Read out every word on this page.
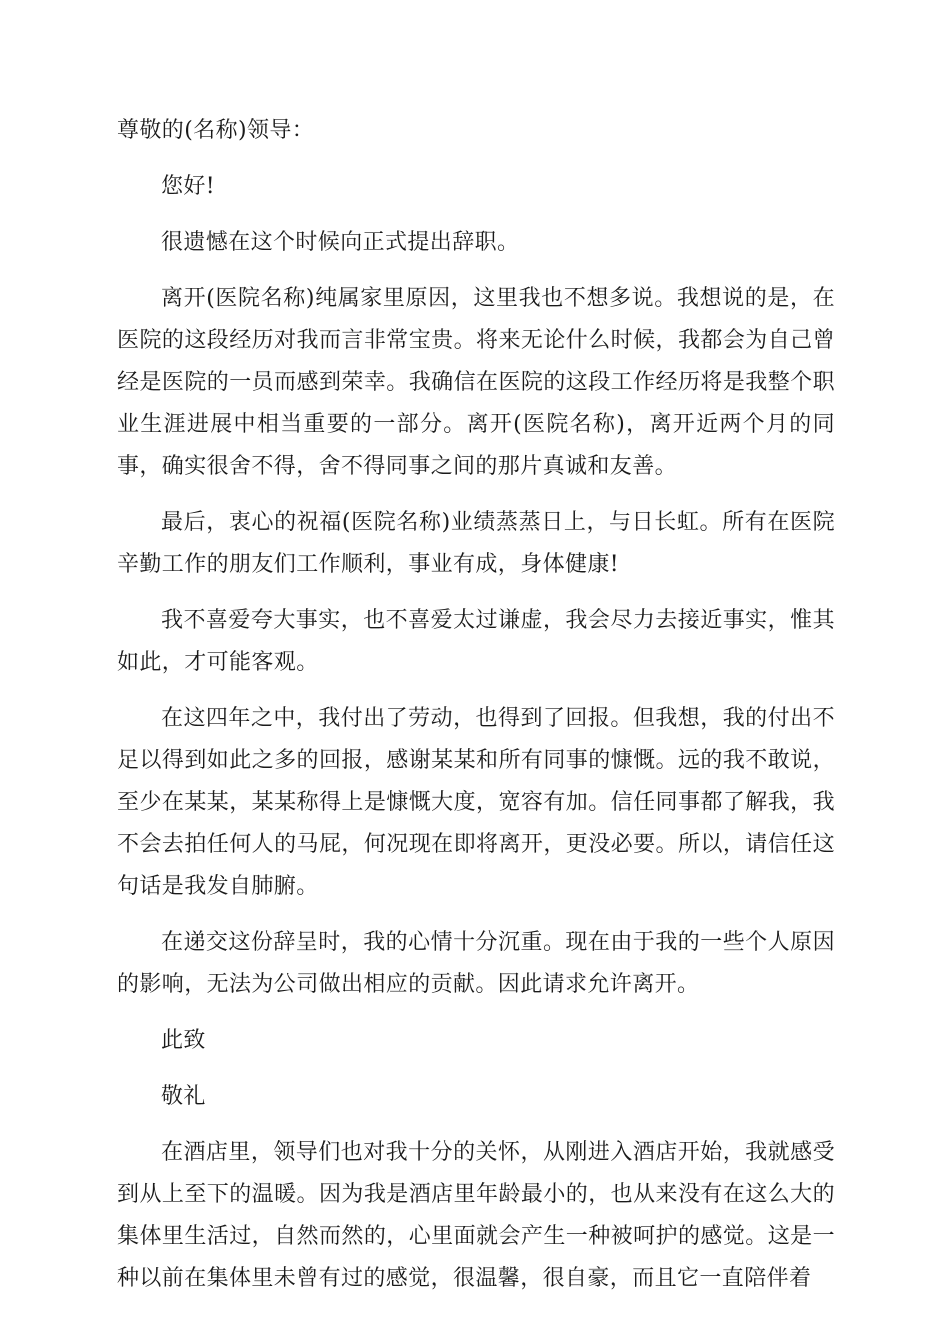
尊敬的(名称)领导：

您好!

很遗憾在这个时候向正式提出辞职。

离开(医院名称)纯属家里原因，这里我也不想多说。我想说的是，在医院的这段经历对我而言非常宝贵。将来无论什么时候，我都会为自己曾经是医院的一员而感到荣幸。我确信在医院的这段工作经历将是我整个职业生涯进展中相当重要的一部分。离开(医院名称)，离开近两个月的同事，确实很舍不得，舍不得同事之间的那片真诚和友善。

最后，衷心的祝福(医院名称)业绩蒸蒸日上，与日长虹。所有在医院辛勤工作的朋友们工作顺利，事业有成，身体健康!

我不喜爱夸大事实，也不喜爱太过谦虚，我会尽力去接近事实，惟其如此，才可能客观。

在这四年之中，我付出了劳动，也得到了回报。但我想，我的付出不足以得到如此之多的回报，感谢某某和所有同事的慷慨。远的我不敢说，至少在某某，某某称得上是慷慨大度，宽容有加。信任同事都了解我，我不会去拍任何人的马屁，何况现在即将离开，更没必要。所以，请信任这句话是我发自肺腑。

在递交这份辞呈时，我的心情十分沉重。现在由于我的一些个人原因的影响，无法为公司做出相应的贡献。因此请求允许离开。

此致

敬礼

在酒店里，领导们也对我十分的关怀，从刚进入酒店开始，我就感受到从上至下的温暖。因为我是酒店里年龄最小的，也从来没有在这么大的集体里生活过，自然而然的，心里面就会产生一种被呵护的感觉。这是一种以前在集体里未曾有过的感觉，很温馨，很自豪，而且它一直陪伴着
